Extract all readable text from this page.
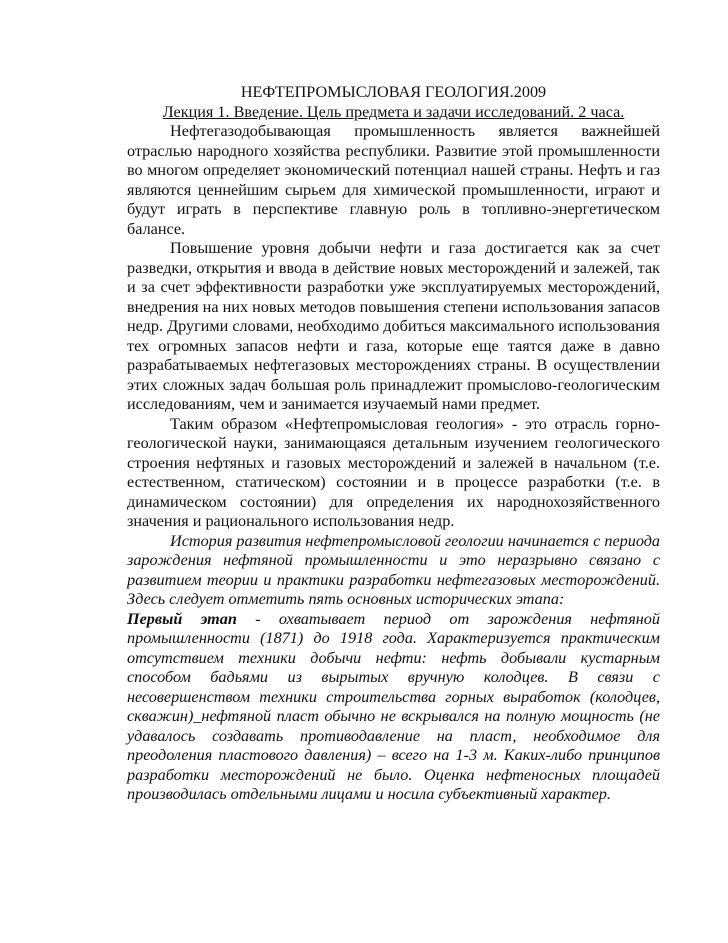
НЕФТЕПРОМЫСЛОВАЯ ГЕОЛОГИЯ.2009

Лекция 1. Введение. Цель предмета и задачи исследований. 2 часа.

Нефтегазодобывающая промышленность является важнейшей отраслью народного хозяйства республики. Развитие этой промышленности во многом определяет экономический потенциал нашей страны. Нефть и газ являются ценнейшим сырьем для химической промышленности, играют и будут играть в перспективе главную роль в топливно-энергетическом балансе.

Повышение уровня добычи нефти и газа достигается как за счет разведки, открытия и ввода в действие новых месторождений и залежей, так и за счет эффективности разработки уже эксплуатируемых месторождений, внедрения на них новых методов повышения степени использования запасов недр. Другими словами, необходимо добиться максимального использования тех огромных запасов нефти и газа, которые еще таятся даже в давно разрабатываемых нефтегазовых месторождениях страны. В осуществлении этих сложных задач большая роль принадлежит промыслово-геологическим исследованиям, чем и занимается изучаемый нами предмет.

Таким образом «Нефтепромысловая геология» - это отрасль горно-геологической науки, занимающаяся детальным изучением геологического строения нефтяных и газовых месторождений и залежей в начальном (т.е. естественном, статическом) состоянии и в процессе разработки (т.е. в динамическом состоянии) для определения их народнохозяйственного значения и рационального использования недр.

История развития нефтепромысловой геологии начинается с периода зарождения нефтяной промышленности и это неразрывно связано с развитием теории и практики разработки нефтегазовых месторождений. Здесь следует отметить пять основных исторических этапа:

Первый этап - охватывает период от зарождения нефтяной промышленности (1871) до 1918 года. Характеризуется практическим отсутствием техники добычи нефти: нефть добывали кустарным способом бадьями из вырытых вручную колодцев. В связи с несовершенством техники строительства горных выработок (колодцев, скважин)_нефтяной пласт обычно не вскрывался на полную мощность (не удавалось создавать противодавление на пласт, необходимое для преодоления пластового давления) – всего на 1-3 м. Каких-либо принципов разработки месторождений не было. Оценка нефтеносных площадей производилась отдельными лицами и носила субъективный характер.
